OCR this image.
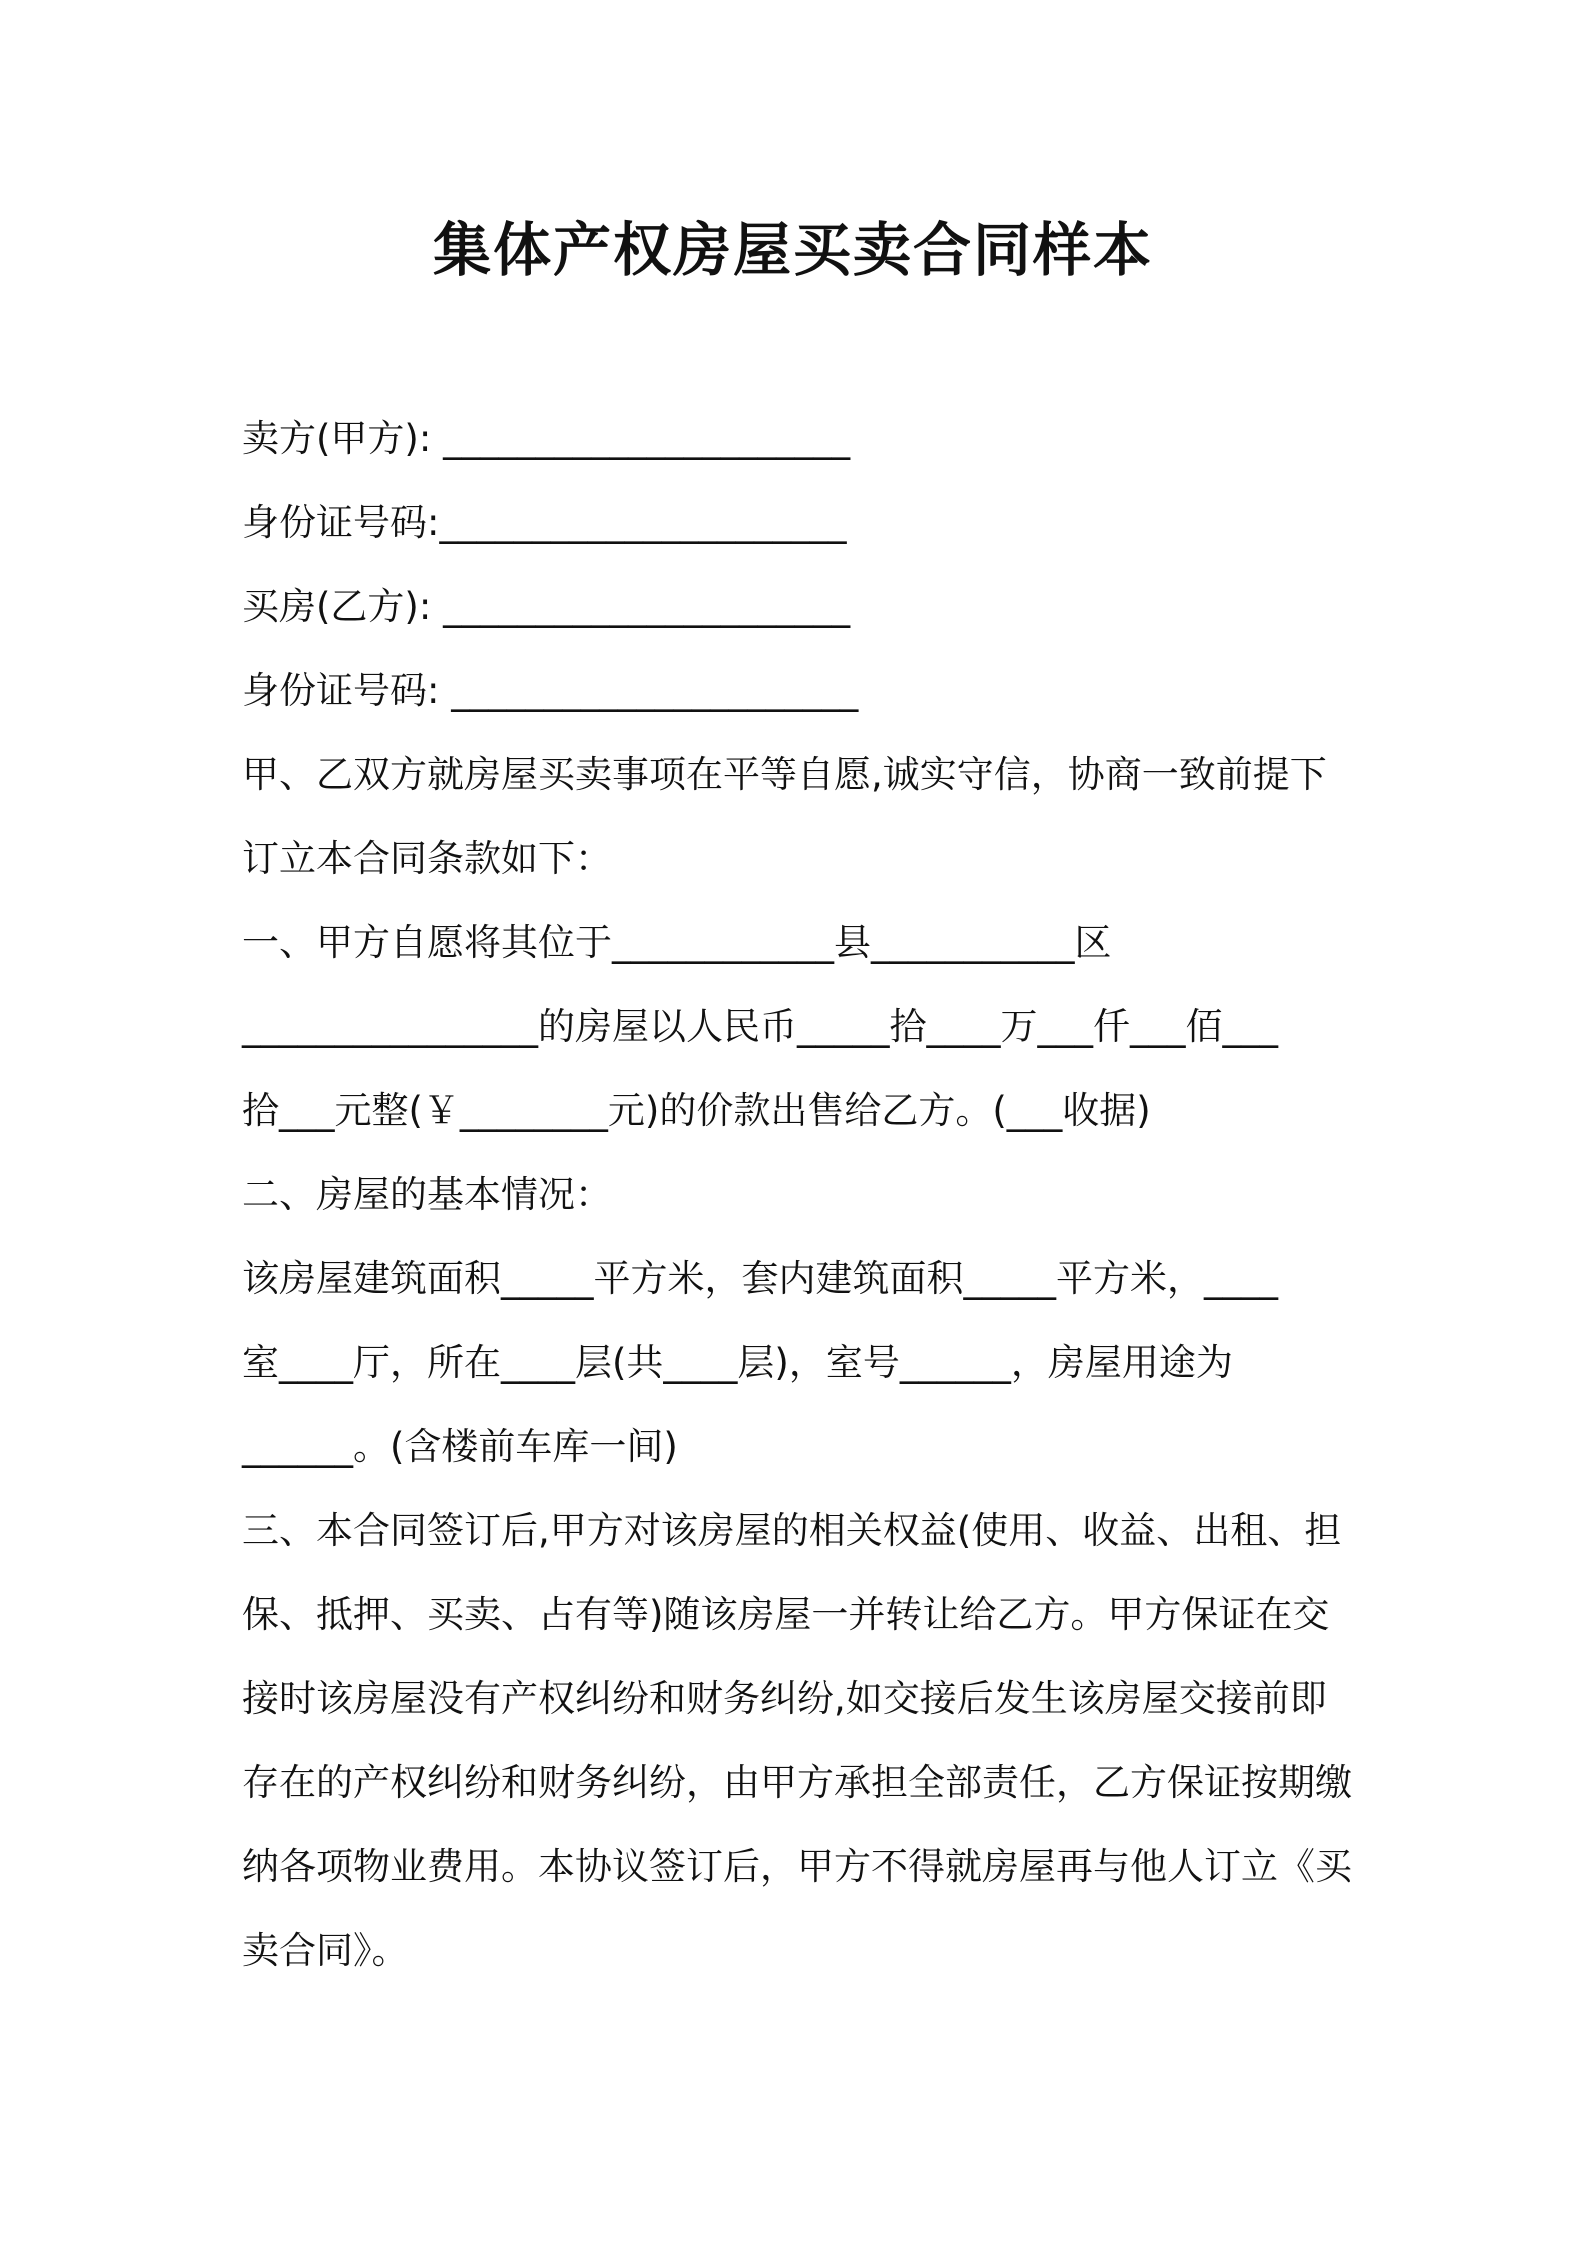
集体产权房屋买卖合同样本
卖方(甲方): ______________________
身份证号码:______________________
买房(乙方): ______________________
身份证号码: ______________________
甲、乙双方就房屋买卖事项在平等自愿,诚实守信，协商一致前提下
订立本合同条款如下：
一、甲方自愿将其位于____________县___________区
________________的房屋以人民币_____拾____万___仟___佰___
拾___元整(￥________元)的价款出售给乙方。(___收据)
二、房屋的基本情况：
该房屋建筑面积_____平方米，套内建筑面积_____平方米，____
室____厅，所在____层(共____层)，室号______，房屋用途为
______。(含楼前车库一间)
三、本合同签订后,甲方对该房屋的相关权益(使用、收益、出租、担
保、抵押、买卖、占有等)随该房屋一并转让给乙方。甲方保证在交
接时该房屋没有产权纠纷和财务纠纷,如交接后发生该房屋交接前即
存在的产权纠纷和财务纠纷，由甲方承担全部责任，乙方保证按期缴
纳各项物业费用。本协议签订后，甲方不得就房屋再与他人订立《买
卖合同》。
